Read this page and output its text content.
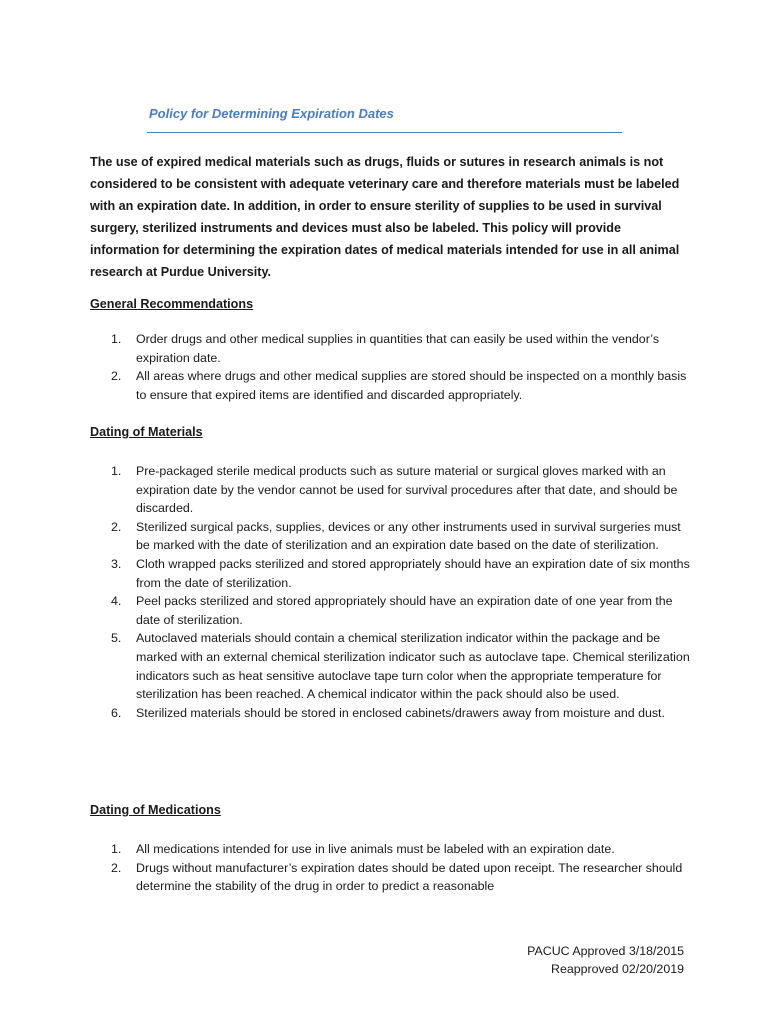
Policy for Determining Expiration Dates

The use of expired medical materials such as drugs, fluids or sutures in research animals is not considered to be consistent with adequate veterinary care and therefore materials must be labeled with an expiration date. In addition, in order to ensure sterility of supplies to be used in survival surgery, sterilized instruments and devices must also be labeled. This policy will provide information for determining the expiration dates of medical materials intended for use in all animal research at Purdue University.

General Recommendations
1. Order drugs and other medical supplies in quantities that can easily be used within the vendor’s expiration date.
2. All areas where drugs and other medical supplies are stored should be inspected on a monthly basis to ensure that expired items are identified and discarded appropriately.
Dating of Materials
1. Pre-packaged sterile medical products such as suture material or surgical gloves marked with an expiration date by the vendor cannot be used for survival procedures after that date, and should be discarded.
2. Sterilized surgical packs, supplies, devices or any other instruments used in survival surgeries must be marked with the date of sterilization and an expiration date based on the date of sterilization.
3. Cloth wrapped packs sterilized and stored appropriately should have an expiration date of six months from the date of sterilization.
4. Peel packs sterilized and stored appropriately should have an expiration date of one year from the date of sterilization.
5. Autoclaved materials should contain a chemical sterilization indicator within the package and be marked with an external chemical sterilization indicator such as autoclave tape. Chemical sterilization indicators such as heat sensitive autoclave tape turn color when the appropriate temperature for sterilization has been reached. A chemical indicator within the pack should also be used.
6. Sterilized materials should be stored in enclosed cabinets/drawers away from moisture and dust.
Dating of Medications
1. All medications intended for use in live animals must be labeled with an expiration date.
2. Drugs without manufacturer’s expiration dates should be dated upon receipt. The researcher should determine the stability of the drug in order to predict a reasonable
PACUC Approved 3/18/2015
Reapproved 02/20/2019
